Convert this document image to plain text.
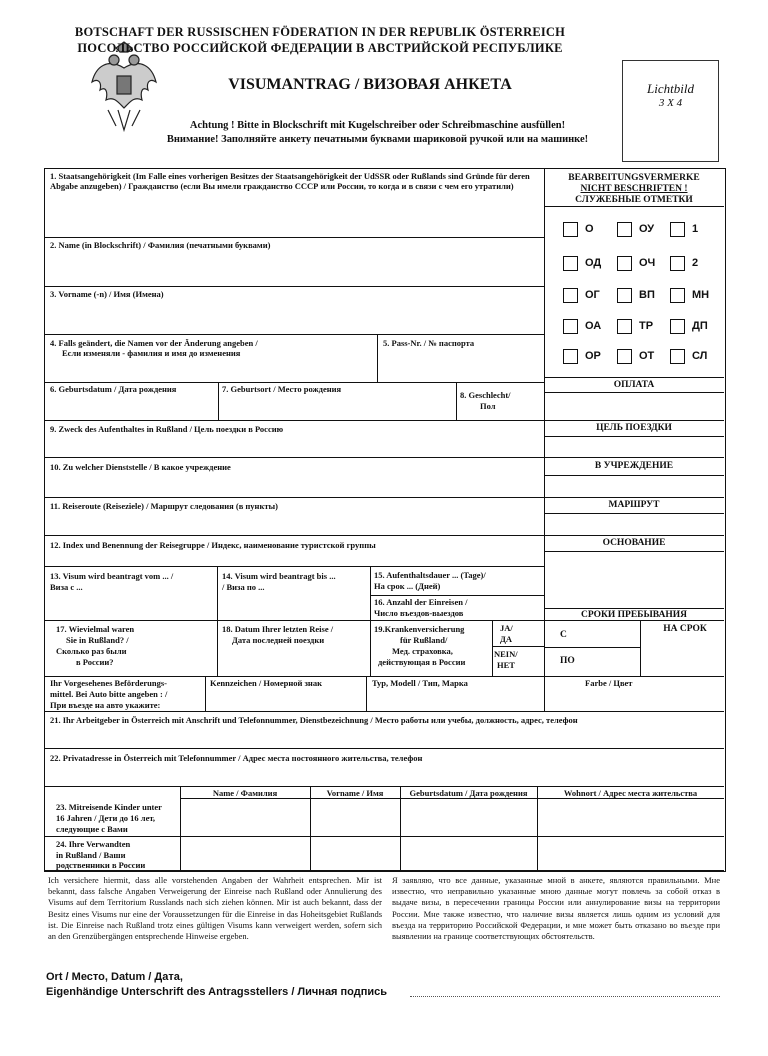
BOTSCHAFT DER RUSSISCHEN FÖDERATION IN DER REPUBLIK ÖSTERREICH
ПОСОЛЬСТВО РОССИЙСКОЙ ФЕДЕРАЦИИ В АВСТРИЙСКОЙ РЕСПУБЛИКЕ
VISUMANTRAG / ВИЗОВАЯ АНКЕТА
Achtung ! Bitte in Blockschrift mit Kugelschreiber oder Schreibmaschine ausfüllen!
Внимание! Заполняйте анкету печатными буквами шариковой ручкой или на машинке!
Lichtbild
3 X 4
1. Staatsangehörigkeit (Im Falle eines vorherigen Besitzes der Staatsangehörigkeit der UdSSR oder Rußlands sind Gründe für deren Abgabe anzugeben) / Гражданство (если Вы имели гражданство СССР или России, то когда и в связи с чем его утратили)
2. Name (in Blockschrift) / Фамилия (печатными буквами)
3. Vorname (-n) / Имя (Имена)
4. Falls geändert, die Namen vor der Änderung angeben /
Если изменяли - фамилия и имя до изменения
5. Pass-Nr. / № паспорта
6. Geburtsdatum / Дата рождения	7. Geburtsort / Место рождения
8. Geschlecht/
Пол
9. Zweck des Aufenthaltes in Rußland / Цель поездки в Россию
10. Zu welcher Dienststelle / В какое учреждение
11. Reiseroute (Reiseziele) / Маршрут следования (в пункты)
12. Index und Benennung der Reisegruppe / Индекс, наименование туристской группы
13. Visum wird beantragt vom ... /
Виза с ...
14. Visum wird beantragt bis ...
/ Виза по ...
15. Aufenthaltsdauer ... (Tage)/
На срок ... (Дней)
16. Anzahl der Einreisen /
Число въездов-выездов
17. Wievielmal waren
Sie in Rußland? /
Сколько раз были
в России?
18. Datum Ihrer letzten Reise /
Дата последней поездки
19.Krankenversicherung
für Rußland/
Мед. страховка,
действующая в России
JA/
ДА
NEIN/
НЕТ
Ihr Vorgesehenes Beförderungs-
mittel. Bei Auto bitte angeben : /
При въезде на авто укажите:
Kennzeichen / Номерной знак	Typ, Modell / Тип, Марка	Farbe / Цвет
21. Ihr Arbeitgeber in Österreich mit Anschrift und Telefonnummer, Dienstbezeichnung / Место работы или учебы, должность, адрес, телефон
22. Privatadresse in Österreich mit Telefonnummer / Адрес места постоянного жительства, телефон
Name / Фамилия	Vorname / Имя	Geburtsdatum / Дата рождения	Wohnort / Адрес места жительства
23. Mitreisende Kinder unter
16 Jahren / Дети до 16 лет,
следующие с Вами
24. Ihre Verwandten
in Rußland / Ваши
родственники в России
BEARBEITUNGSVERMERKE
NICHT BESCHRIFTEN !
СЛУЖЕБНЫЕ ОТМЕТКИ
О	ОУ	1
ОД	ОЧ	2
ОГ	ВП	МН
ОА	ТР	ДП
ОР	ОТ	СЛ
ОПЛАТА
ЦЕЛЬ ПОЕЗДКИ
В УЧРЕЖДЕНИЕ
МАРШРУТ
ОСНОВАНИЕ
СРОКИ ПРЕБЫВАНИЯ
С
ПО
НА СРОК
Ich versichere hiermit, dass alle vorstehenden Angaben der Wahrheit entsprechen. Mir ist bekannt, dass falsche Angaben Verweigerung der Einreise nach Rußland oder Annulierung des Visums auf dem Territorium Russlands nach sich ziehen können. Mir ist auch bekannt, dass der Besitz eines Visums nur eine der Voraussetzungen für die Einreise in das Hoheitsgebiet Rußlands ist. Die Einreise nach Rußland trotz eines gültigen Visums kann verweigert werden, sofern sich an den Grenzübergängen entsprechende Hinweise ergeben.
Я заявляю, что все данные, указанные мной в анкете, являются правильными. Мне известно, что неправильно указанные мною данные могут повлечь за собой отказ в выдаче визы, в пересечении границы России или аннулирование визы на территории России. Мне также известно, что наличие визы является лишь одним из условий для въезда на территорию Российской Федерации, и мне может быть отказано во въезде при выявлении на границе соответствующих обстоятельств.
Ort / Место, Datum / Дата,
Eigenhändige Unterschrift des Antragsstellers / Личная подпись
